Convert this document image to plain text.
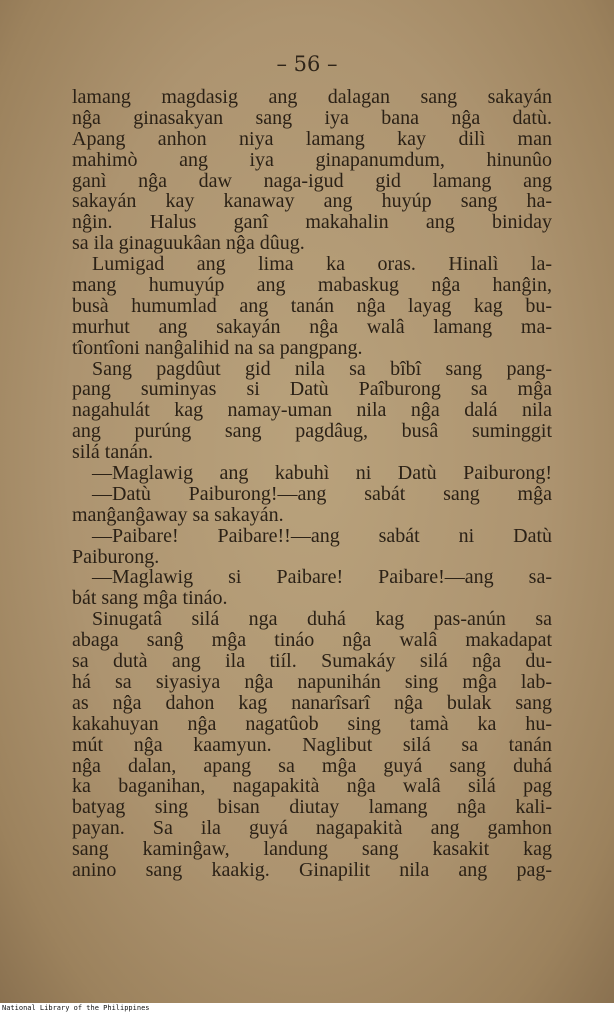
– 56 –
lamang magdasig ang dalagan sang sakayán
nĝa ginasakyan sang iya bana nĝa datù.
Apang anhon niya lamang kay dilì man
mahimò ang iya ginapanumdum, hinunûo
ganì nĝa daw naga-igud gid lamang ang
sakayán kay kanaway ang huyúp sang ha-
nĝin. Halus ganî makahalin ang biniday
sa ila ginaguukâan nĝa dûug.
Lumigad ang lima ka oras. Hinalì la-
mang humuyúp ang mabaskug nĝa hanĝin,
busà humumlad ang tanán nĝa layag kag bu-
murhut ang sakayán nĝa walâ lamang ma-
tîontîoni nanĝalihid na sa pangpang.
Sang pagdûut gid nila sa bîbî sang pang-
pang suminyas si Datù Paîburong sa mĝa
nagahulát kag namay-uman nila nĝa dalá nila
ang purúng sang pagdâug, busâ suminggit
silá tanán.
—Maglawig ang kabuhì ni Datù Paiburong!
—Datù Paiburong!—ang sabát sang mĝa
manĝanĝaway sa sakayán.
—Paibare! Paibare!!—ang sabát ni Datù
Paiburong.
—Maglawig si Paibare! Paibare!—ang sa-
bát sang mĝa tináo.
Sinugatâ silá nga duhá kag pas-anún sa
abaga sanĝ mĝa tináo nĝa walâ makadapat
sa dutà ang ila tiíl. Sumakáy silá nĝa du-
há sa siyasiya nĝa napunihán sing mĝa lab-
as nĝa dahon kag nanarîsarî nĝa bulak sang
kakahuyan nĝa nagatûob sing tamà ka hu-
mút nĝa kaamyun. Naglibut silá sa tanán
nĝa dalan, apang sa mĝa guyá sang duhá
ka baganihan, nagapakità nĝa walâ silá pag
batyag sing bisan diutay lamang nĝa kali-
payan. Sa ila guyá nagapakità ang gamhon
sang kaminĝaw, landung sang kasakit kag
anino sang kaakig. Ginapilit nila ang pag-
National Library of the Philippines
